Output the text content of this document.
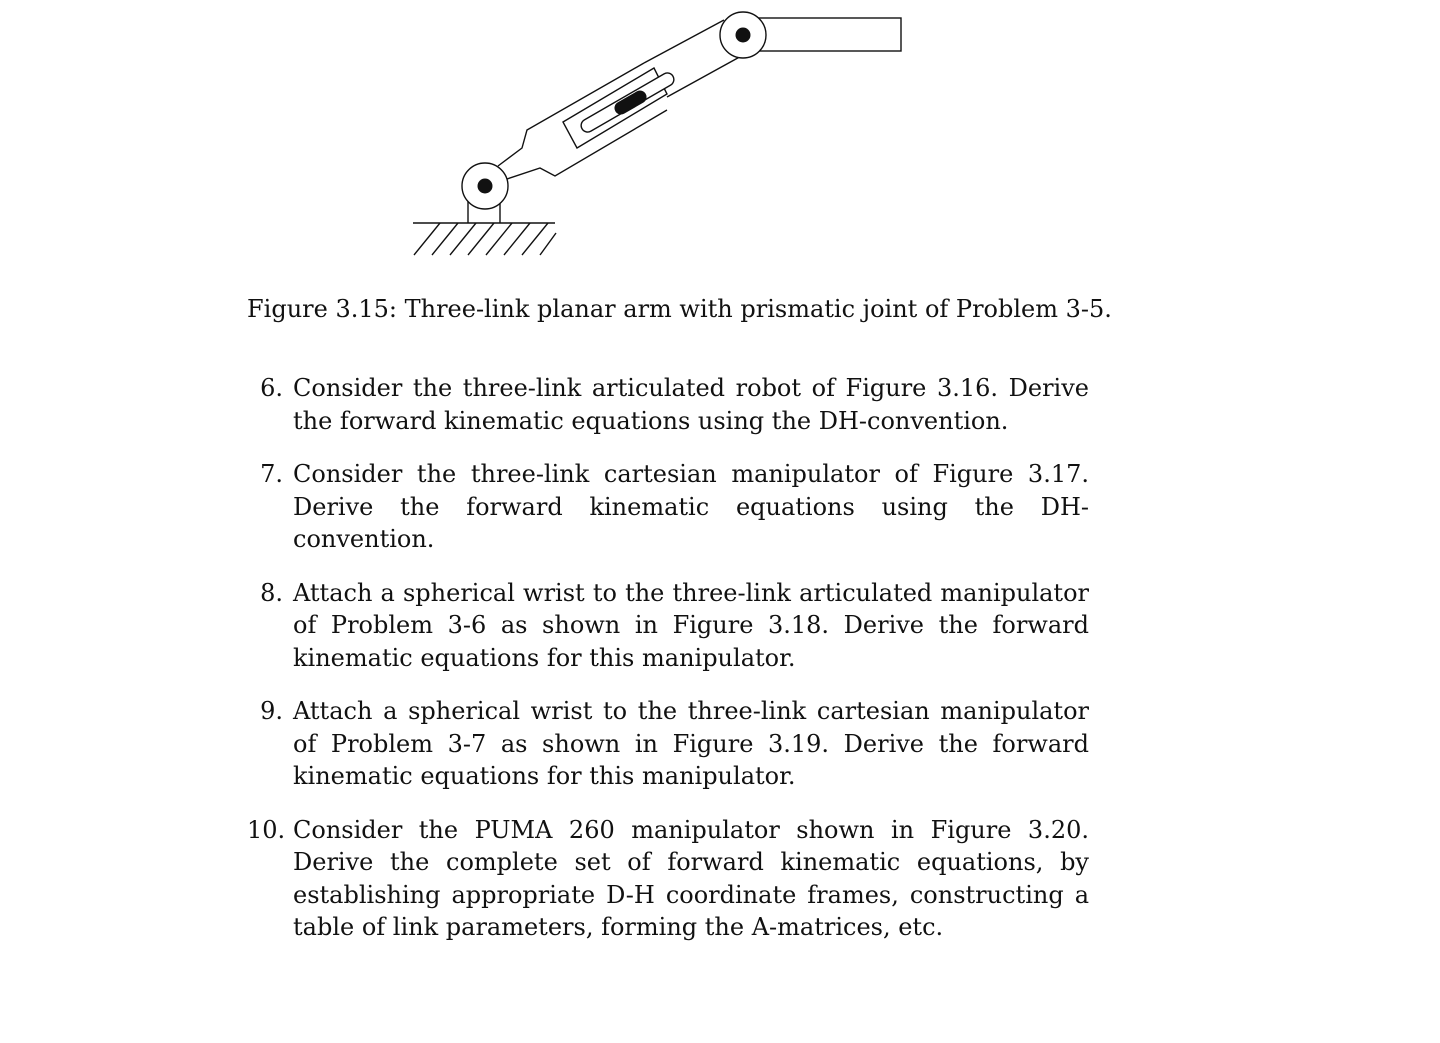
Figure 3.15: Three-link planar arm with prismatic joint of Problem 3-5.

6. Consider the three-link articulated robot of Figure 3.16. Derive the forward kinematic equations using the DH-convention.
7. Consider the three-link cartesian manipulator of Figure 3.17. Derive the forward kinematic equations using the DH-convention.
8. Attach a spherical wrist to the three-link articulated manipulator of Problem 3-6 as shown in Figure 3.18. Derive the forward kinematic equations for this manipulator.
9. Attach a spherical wrist to the three-link cartesian manipulator of Problem 3-7 as shown in Figure 3.19. Derive the forward kinematic equations for this manipulator.
10. Consider the PUMA 260 manipulator shown in Figure 3.20. Derive the complete set of forward kinematic equations, by establishing appropriate D-H coordinate frames, constructing a table of link parameters, forming the A-matrices, etc.
